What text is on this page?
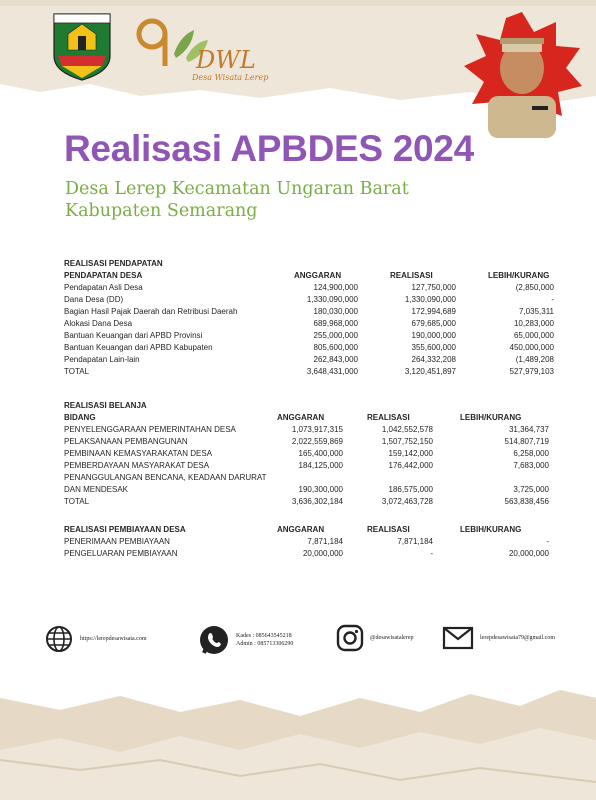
DWL
Desa Wisata Lerep
Realisasi APBDES 2024
Desa Lerep Kecamatan Ungaran Barat
Kabupaten Semarang
REALISASI PENDAPATAN
PENDAPATAN DESA	ANGGARAN	REALISASI	LEBIH/KURANG
Pendapatan Asli Desa	124,900,000	127,750,000	(2,850,000
Dana Desa (DD)	1,330,090,000	1,330,090,000	-
Bagian Hasil Pajak Daerah dan Retribusi Daerah	180,030,000	172,994,689	7,035,311
Alokasi Dana Desa	689,968,000	679,685,000	10,283,000
Bantuan Keuangan dari APBD Provinsi	255,000,000	190,000,000	65,000,000
Bantuan Keuangan dari APBD Kabupaten	805,600,000	355,600,000	450,000,000
Pendapatan Lain-lain	262,843,000	264,332,208	(1,489,208
TOTAL	3,648,431,000	3,120,451,897	527,979,103
REALISASI BELANJA
BIDANG	ANGGARAN	REALISASI	LEBIH/KURANG
PENYELENGGARAAN PEMERINTAHAN DESA	1,073,917,315	1,042,552,578	31,364,737
PELAKSANAAN PEMBANGUNAN	2,022,559,869	1,507,752,150	514,807,719
PEMBINAAN KEMASYARAKATAN DESA	165,400,000	159,142,000	6,258,000
PEMBERDAYAAN MASYARAKAT DESA	184,125,000	176,442,000	7,683,000
PENANGGULANGAN BENCANA, KEADAAN DARURAT
DAN MENDESAK	190,300,000	186,575,000	3,725,000
TOTAL	3,636,302,184	3,072,463,728	563,838,456
REALISASI PEMBIAYAAN DESA	ANGGARAN	REALISASI	LEBIH/KURANG
PENERIMAAN PEMBIAYAAN	7,871,184	7,871,184	-
PENGELUARAN PEMBIAYAAN	20,000,000	-	20,000,000
https://lerepdesawisata.com	Kades : 085643545218
Admin : 085713306290
@desawisatalerep	lerepdesawisata79@gmail.com
